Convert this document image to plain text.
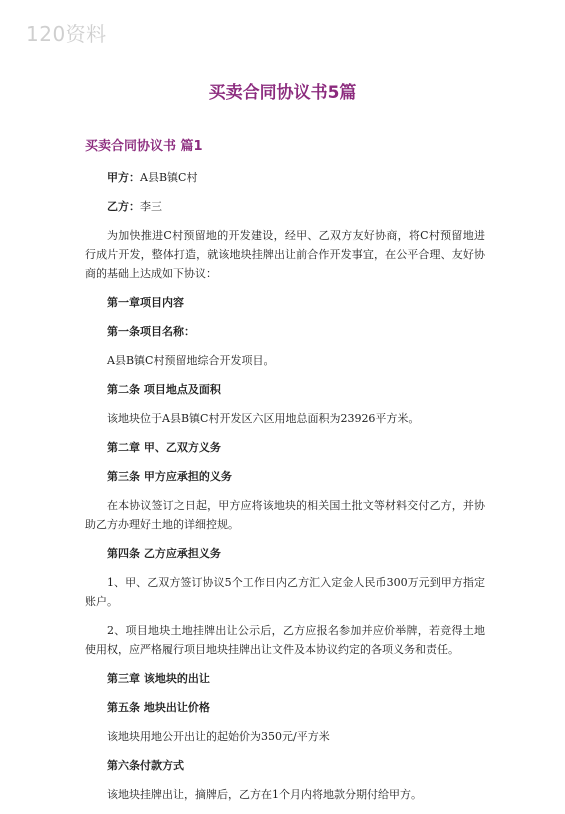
120资料
买卖合同协议书5篇
买卖合同协议书 篇1

甲方：A县B镇C村

乙方：李三

为加快推进C村预留地的开发建设，经甲、乙双方友好协商，将C村预留地进行成片开发，整体打造，就该地块挂牌出让前合作开发事宜，在公平合理、友好协商的基础上达成如下协议：

第一章项目内容

第一条项目名称：

A县B镇C村预留地综合开发项目。

第二条 项目地点及面积

该地块位于A县B镇C村开发区六区用地总面积为23926平方米。

第二章 甲、乙双方义务

第三条 甲方应承担的义务

在本协议签订之日起，甲方应将该地块的相关国土批文等材料交付乙方，并协助乙方办理好土地的详细控规。

第四条 乙方应承担义务

1、甲、乙双方签订协议5个工作日内乙方汇入定金人民币300万元到甲方指定账户。

2、项目地块土地挂牌出让公示后，乙方应报名参加并应价举牌，若竞得土地使用权，应严格履行项目地块挂牌出让文件及本协议约定的各项义务和责任。

第三章 该地块的出让

第五条 地块出让价格

该地块用地公开出让的起始价为350元/平方米

第六条付款方式

该地块挂牌出让，摘牌后，乙方在1个月内将地款分期付给甲方。
